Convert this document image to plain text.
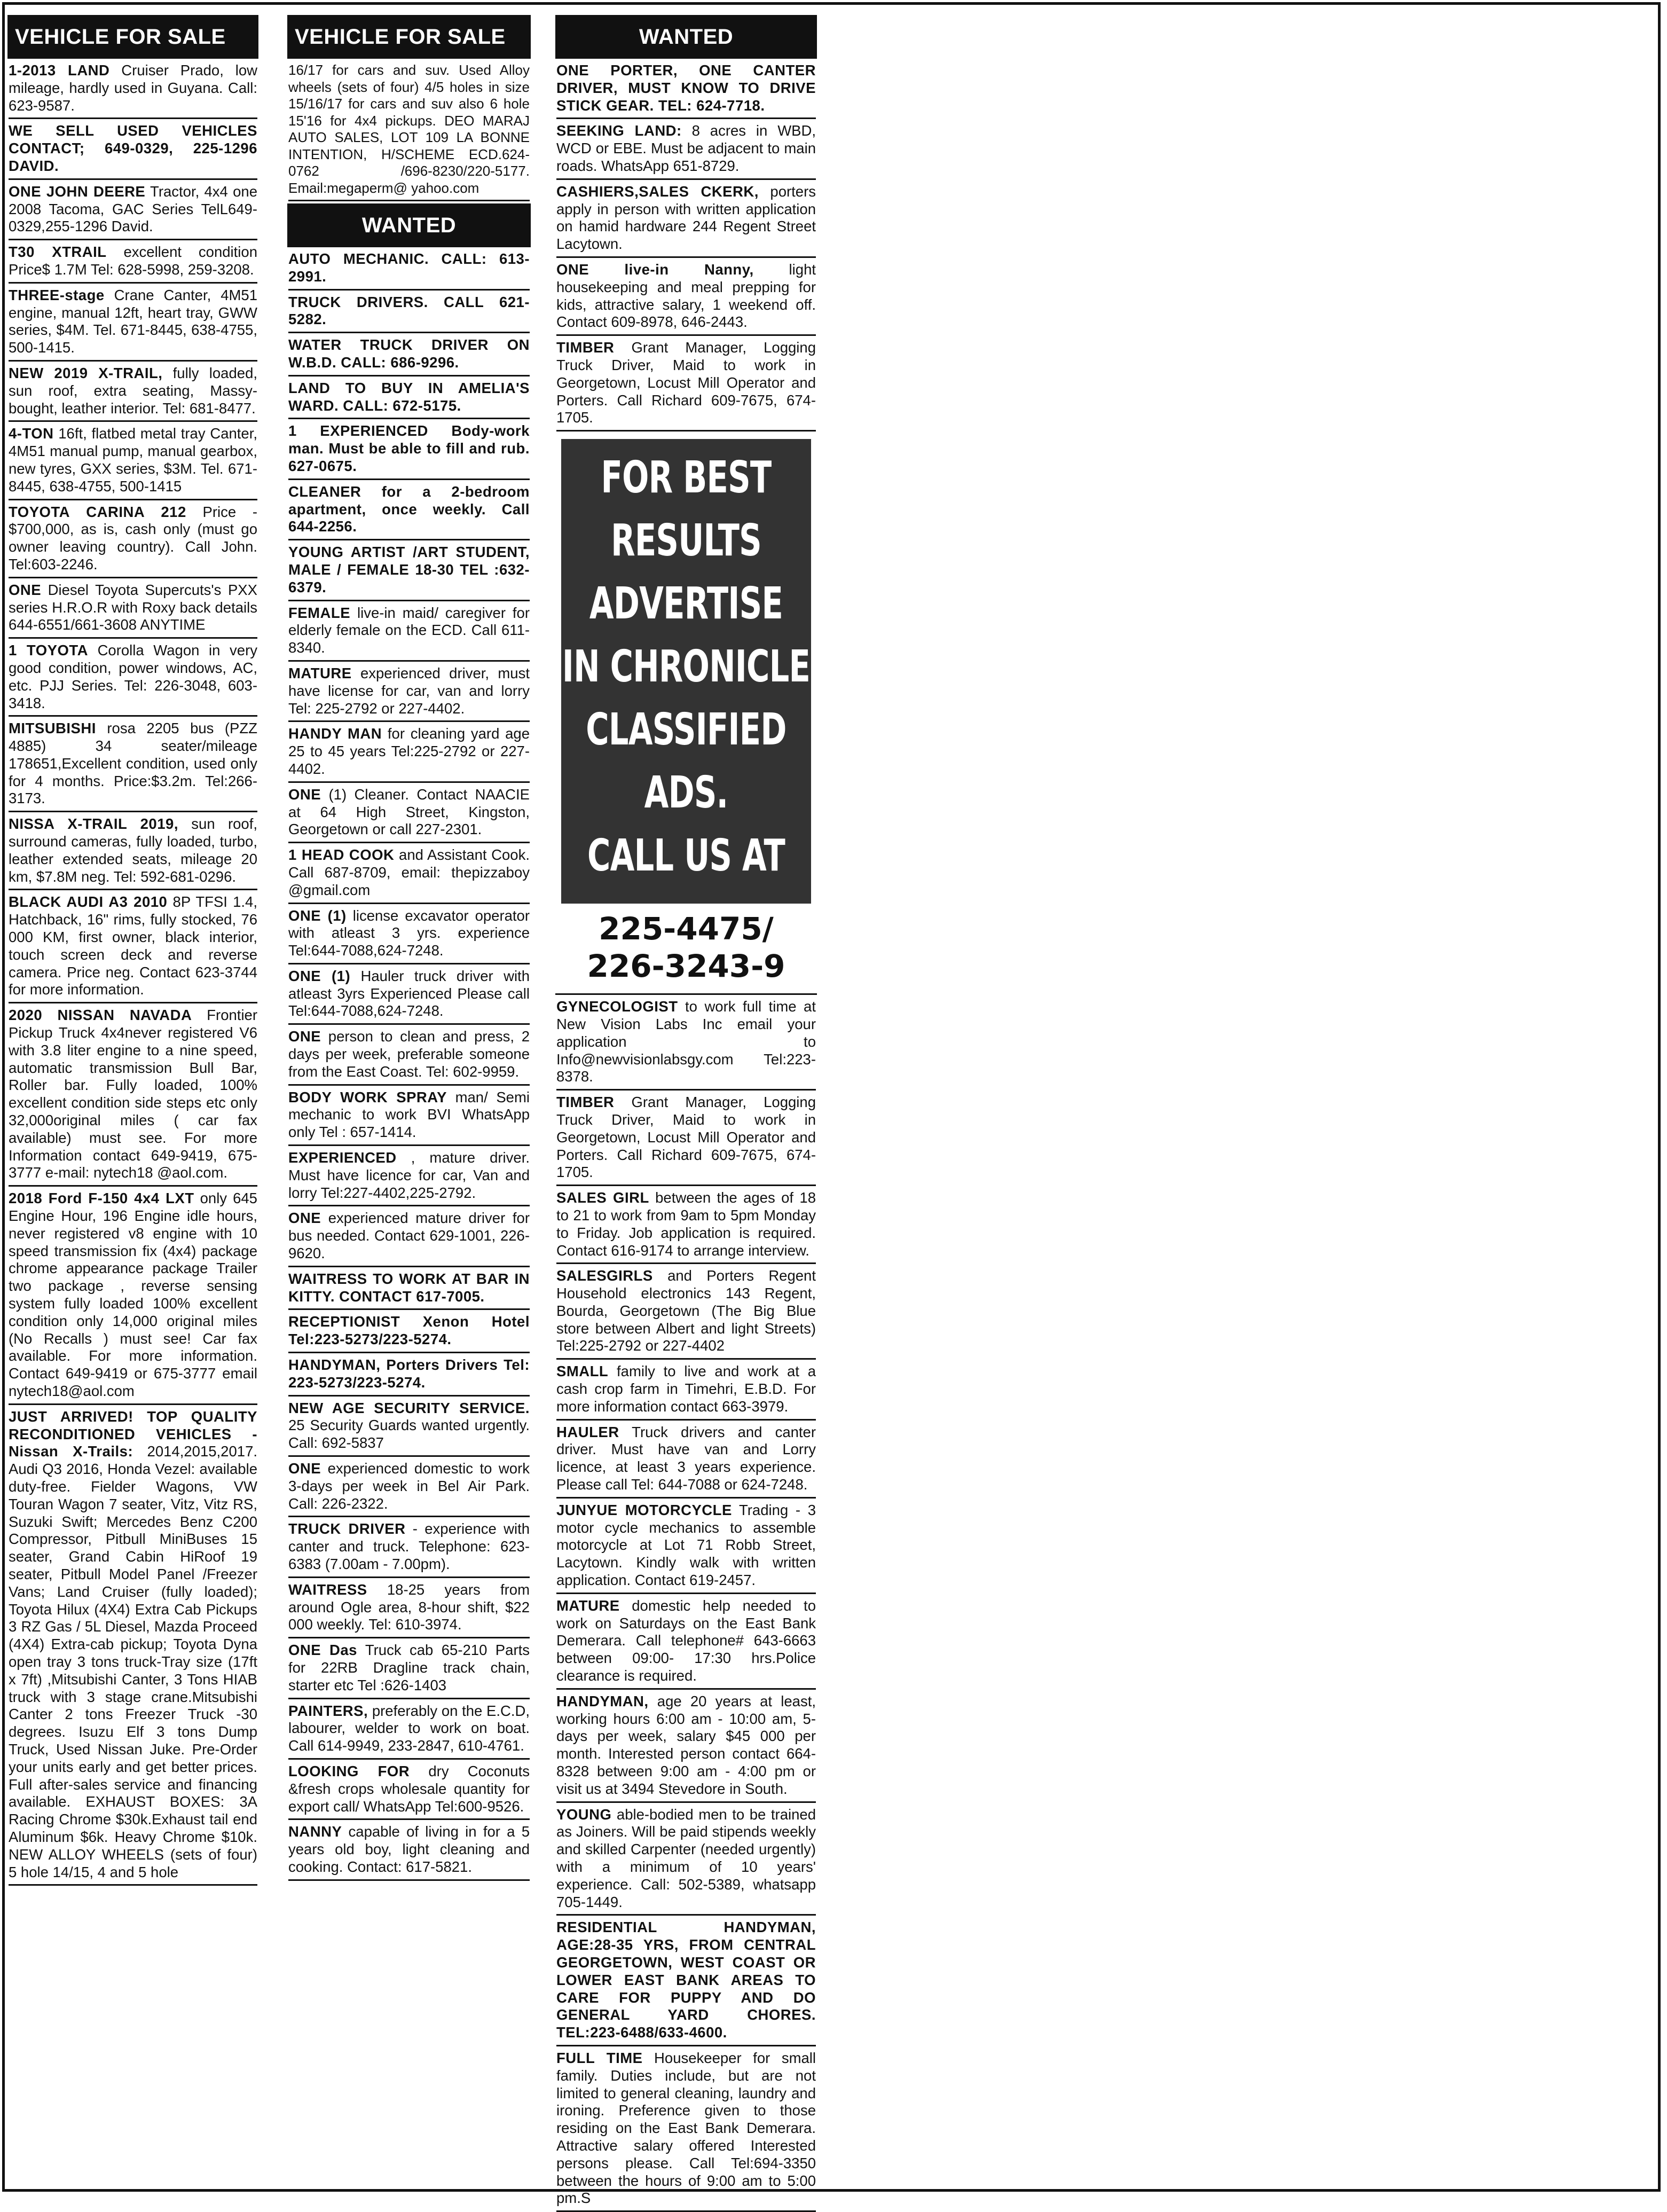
VEHICLE FOR SALE
1-2013 LAND Cruiser Prado, low mileage, hardly used in Guyana. Call: 623-9587.
WE SELL USED VEHICLES CONTACT; 649-0329, 225-1296 DAVID.
ONE JOHN DEERE Tractor, 4x4 one 2008 Tacoma, GAC Series TelL649-0329,255-1296 David.
T30 XTRAIL excellent condition Price$ 1.7M Tel: 628-5998, 259-3208.
THREE-stage Crane Canter, 4M51 engine, manual 12ft, heart tray, GWW series, $4M. Tel. 671-8445, 638-4755, 500-1415.
NEW 2019 X-TRAIL, fully loaded, sun roof, extra seating, Massy-bought, leather interior. Tel: 681-8477.
4-TON 16ft, flatbed metal tray Canter, 4M51 manual pump, manual gearbox, new tyres, GXX series, $3M. Tel. 671-8445, 638-4755, 500-1415
TOYOTA CARINA 212 Price - $700,000, as is, cash only (must go owner leaving country). Call John. Tel:603-2246.
ONE Diesel Toyota Supercuts's PXX series H.R.O.R with Roxy back details 644-6551/661-3608 ANYTIME
1 TOYOTA Corolla Wagon in very good condition, power windows, AC, etc. PJJ Series. Tel: 226-3048, 603-3418.
MITSUBISHI rosa 2205 bus (PZZ 4885) 34 seater/mileage 178651,Excellent condition, used only for 4 months. Price:$3.2m. Tel:266-3173.
NISSA X-TRAIL 2019, sun roof, surround cameras, fully loaded, turbo, leather extended seats, mileage 20 km, $7.8M neg. Tel: 592-681-0296.
BLACK AUDI A3 2010 8P TFSI 1.4, Hatchback, 16" rims, fully stocked, 76 000 KM, first owner, black interior, touch screen deck and reverse camera. Price neg. Contact 623-3744 for more information.
2020 NISSAN NAVADA Frontier Pickup Truck 4x4never registered V6 with 3.8 liter engine to a nine speed, automatic transmission Bull Bar, Roller bar. Fully loaded, 100% excellent condition side steps etc only 32,000original miles ( car fax available) must see. For more Information contact 649-9419, 675-3777 e-mail: nytech18 @aol.com.
2018 Ford F-150 4x4 LXT only 645 Engine Hour, 196 Engine idle hours, never registered v8 engine with 10 speed transmission fix (4x4) package chrome appearance package Trailer two package , reverse sensing system fully loaded 100% excellent condition only 14,000 original miles (No Recalls ) must see! Car fax available. For more information. Contact 649-9419 or 675-3777 email nytech18@aol.com
JUST ARRIVED! TOP QUALITY RECONDITIONED VEHICLES - Nissan X-Trails: 2014,2015,2017. Audi Q3 2016, Honda Vezel: available duty-free. Fielder Wagons, VW Touran Wagon 7 seater, Vitz, Vitz RS, Suzuki Swift; Mercedes Benz C200 Compressor, Pitbull MiniBuses 15 seater, Grand Cabin HiRoof 19 seater, Pitbull Model Panel /Freezer Vans; Land Cruiser (fully loaded); Toyota Hilux (4X4) Extra Cab Pickups 3 RZ Gas / 5L Diesel, Mazda Proceed (4X4) Extra-cab pickup; Toyota Dyna open tray 3 tons truck-Tray size (17ft x 7ft) ,Mitsubishi Canter, 3 Tons HIAB truck with 3 stage crane.Mitsubishi Canter 2 tons Freezer Truck -30 degrees. Isuzu Elf 3 tons Dump Truck, Used Nissan Juke. Pre-Order your units early and get better prices. Full after-sales service and financing available. EXHAUST BOXES: 3A Racing Chrome $30k.Exhaust tail end Aluminum $6k. Heavy Chrome $10k. NEW ALLOY WHEELS (sets of four) 5 hole 14/15, 4 and 5 hole
VEHICLE FOR SALE
16/17 for cars and suv. Used Alloy wheels (sets of four) 4/5 holes in size 15/16/17 for cars and suv also 6 hole 15'16 for 4x4 pickups. DEO MARAJ AUTO SALES, LOT 109 LA BONNE INTENTION, H/SCHEME ECD.624-0762 /696-8230/220-5177. Email:megaperm@ yahoo.com
WANTED
AUTO MECHANIC. CALL: 613-2991.
TRUCK DRIVERS. CALL 621-5282.
WATER TRUCK DRIVER ON W.B.D. CALL: 686-9296.
LAND TO BUY IN AMELIA'S WARD. CALL: 672-5175.
1 EXPERIENCED Body-work man. Must be able to fill and rub. 627-0675.
CLEANER for a 2-bedroom apartment, once weekly. Call 644-2256.
YOUNG ARTIST /ART STUDENT, MALE / FEMALE 18-30 TEL :632-6379.
FEMALE live-in maid/ caregiver for elderly female on the ECD. Call 611-8340.
MATURE experienced driver, must have license for car, van and lorry Tel: 225-2792 or 227-4402.
HANDY MAN for cleaning yard age 25 to 45 years Tel:225-2792 or 227-4402.
ONE (1) Cleaner. Contact NAACIE at 64 High Street, Kingston, Georgetown or call 227-2301.
1 HEAD COOK and Assistant Cook. Call 687-8709, email: thepizzaboy @gmail.com
ONE (1) license excavator operator with atleast 3 yrs. experience Tel:644-7088,624-7248.
ONE (1) Hauler truck driver with atleast 3yrs Experienced Please call Tel:644-7088,624-7248.
ONE person to clean and press, 2 days per week, preferable someone from the East Coast. Tel: 602-9959.
BODY WORK SPRAY man/ Semi mechanic to work BVI WhatsApp only Tel : 657-1414.
EXPERIENCED , mature driver. Must have licence for car, Van and lorry Tel:227-4402,225-2792.
ONE experienced mature driver for bus needed. Contact 629-1001, 226-9620.
WAITRESS TO WORK AT BAR IN KITTY. CONTACT 617-7005.
RECEPTIONIST Xenon Hotel Tel:223-5273/223-5274.
HANDYMAN, Porters Drivers Tel: 223-5273/223-5274.
NEW AGE SECURITY SERVICE. 25 Security Guards wanted urgently. Call: 692-5837
ONE experienced domestic to work 3-days per week in Bel Air Park. Call: 226-2322.
TRUCK DRIVER - experience with canter and truck. Telephone: 623-6383 (7.00am - 7.00pm).
WAITRESS 18-25 years from around Ogle area, 8-hour shift, $22 000 weekly. Tel: 610-3974.
ONE Das Truck cab 65-210 Parts for 22RB Dragline track chain, starter etc Tel :626-1403
PAINTERS, preferably on the E.C.D, labourer, welder to work on boat. Call 614-9949, 233-2847, 610-4761.
LOOKING FOR dry Coconuts &fresh crops wholesale quantity for export call/ WhatsApp Tel:600-9526.
NANNY capable of living in for a 5 years old boy, light cleaning and cooking. Contact: 617-5821.
WANTED
ONE PORTER, ONE CANTER DRIVER, MUST KNOW TO DRIVE STICK GEAR. TEL: 624-7718.
SEEKING LAND: 8 acres in WBD, WCD or EBE. Must be adjacent to main roads. WhatsApp 651-8729.
CASHIERS,SALES CKERK, porters apply in person with written application on hamid hardware 244 Regent Street Lacytown.
ONE live-in Nanny, light housekeeping and meal prepping for kids, attractive salary, 1 weekend off. Contact 609-8978, 646-2443.
TIMBER Grant Manager, Logging Truck Driver, Maid to work in Georgetown, Locust Mill Operator and Porters. Call Richard 609-7675, 674-1705.
FOR BEST RESULTS
ADVERTISE
IN CHRONICLE
CLASSIFIED ADS.
CALL US AT
225-4475/
226-3243-9
GYNECOLOGIST to work full time at New Vision Labs Inc email your application to Info@newvisionlabsgy.com Tel:223-8378.
TIMBER Grant Manager, Logging Truck Driver, Maid to work in Georgetown, Locust Mill Operator and Porters. Call Richard 609-7675, 674-1705.
SALES GIRL between the ages of 18 to 21 to work from 9am to 5pm Monday to Friday. Job application is required. Contact 616-9174 to arrange interview.
SALESGIRLS and Porters Regent Household electronics 143 Regent, Bourda, Georgetown (The Big Blue store between Albert and light Streets) Tel:225-2792 or 227-4402
SMALL family to live and work at a cash crop farm in Timehri, E.B.D. For more information contact 663-3979.
HAULER Truck drivers and canter driver. Must have van and Lorry licence, at least 3 years experience. Please call Tel: 644-7088 or 624-7248.
JUNYUE MOTORCYCLE Trading - 3 motor cycle mechanics to assemble motorcycle at Lot 71 Robb Street, Lacytown. Kindly walk with written application. Contact 619-2457.
MATURE domestic help needed to work on Saturdays on the East Bank Demerara. Call telephone# 643-6663 between 09:00- 17:30 hrs.Police clearance is required.
HANDYMAN, age 20 years at least, working hours 6:00 am - 10:00 am, 5-days per week, salary $45 000 per month. Interested person contact 664-8328 between 9:00 am - 4:00 pm or visit us at 3494 Stevedore in South.
YOUNG able-bodied men to be trained as Joiners. Will be paid stipends weekly and skilled Carpenter (needed urgently) with a minimum of 10 years' experience. Call: 502-5389, whatsapp 705-1449.
RESIDENTIAL HANDYMAN, AGE:28-35 YRS, FROM CENTRAL GEORGETOWN, WEST COAST OR LOWER EAST BANK AREAS TO CARE FOR PUPPY AND DO GENERAL YARD CHORES. TEL:223-6488/633-4600.
FULL TIME Housekeeper for small family. Duties include, but are not limited to general cleaning, laundry and ironing. Preference given to those residing on the East Bank Demerara. Attractive salary offered Interested persons please. Call Tel:694-3350 between the hours of 9:00 am to 5:00 pm.S
